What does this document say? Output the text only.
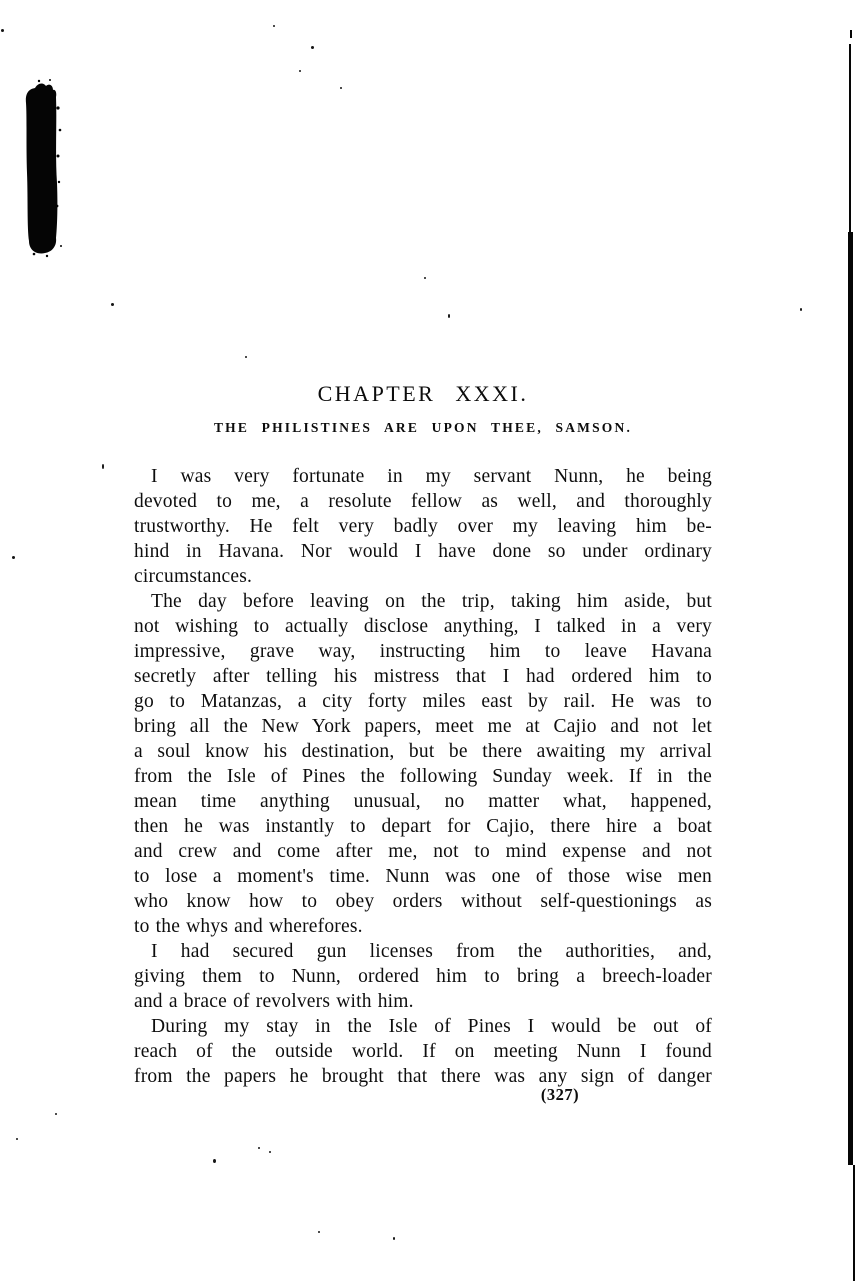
CHAPTER XXXI.
THE PHILISTINES ARE UPON THEE, SAMSON.
I was very fortunate in my servant Nunn, he being
devoted to me, a resolute fellow as well, and thoroughly
trustworthy. He felt very badly over my leaving him be-
hind in Havana. Nor would I have done so under ordinary
circumstances.
The day before leaving on the trip, taking him aside, but
not wishing to actually disclose anything, I talked in a very
impressive, grave way, instructing him to leave Havana
secretly after telling his mistress that I had ordered him to
go to Matanzas, a city forty miles east by rail. He was to
bring all the New York papers, meet me at Cajio and not let
a soul know his destination, but be there awaiting my arrival
from the Isle of Pines the following Sunday week. If in the
mean time anything unusual, no matter what, happened,
then he was instantly to depart for Cajio, there hire a boat
and crew and come after me, not to mind expense and not
to lose a moment's time. Nunn was one of those wise men
who know how to obey orders without self-questionings as
to the whys and wherefores.
I had secured gun licenses from the authorities, and,
giving them to Nunn, ordered him to bring a breech-loader
and a brace of revolvers with him.
During my stay in the Isle of Pines I would be out of
reach of the outside world. If on meeting Nunn I found
from the papers he brought that there was any sign of danger
(327)
